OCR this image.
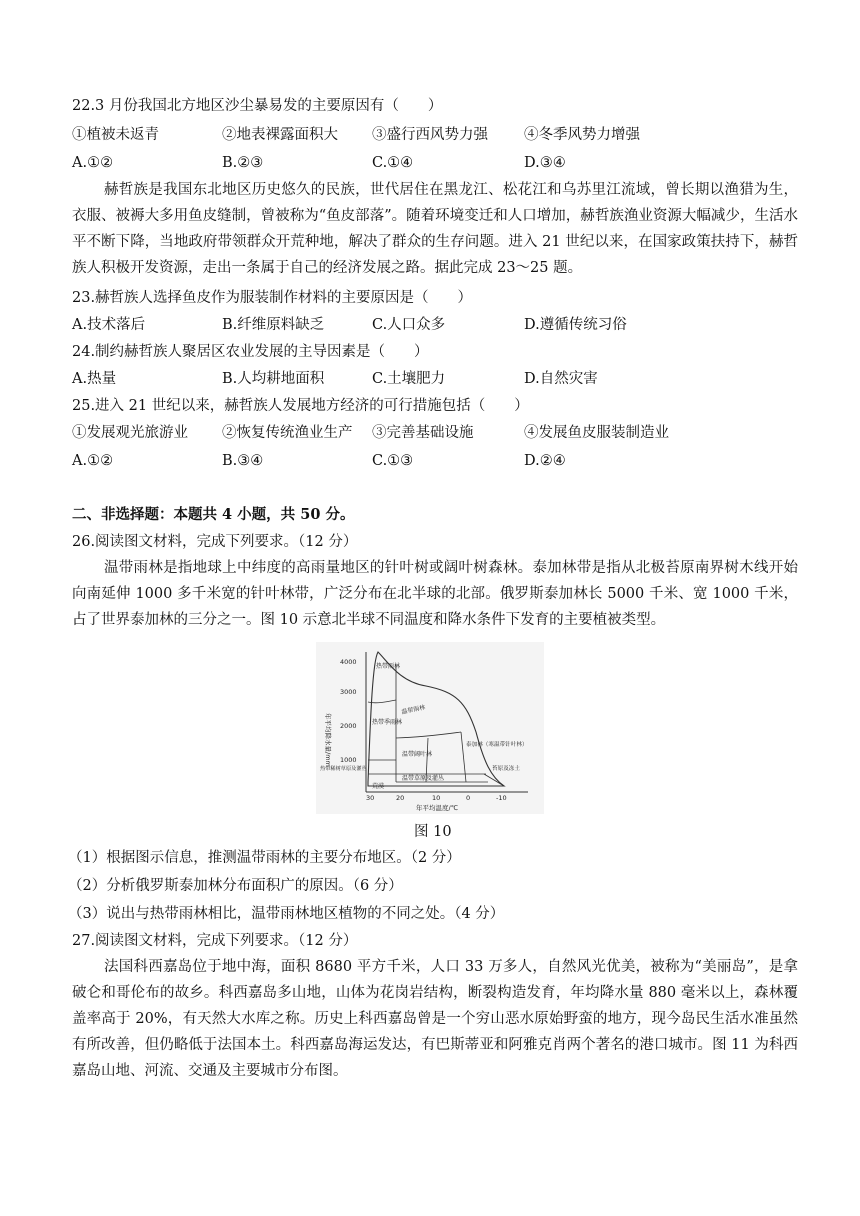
22.3 月份我国北方地区沙尘暴易发的主要原因有（　　）
①植被未返青	②地表裸露面积大 ③盛行西风势力强 ④冬季风势力增强
A.①②	B.②③	C.①④	D.③④
赫哲族是我国东北地区历史悠久的民族，世代居住在黑龙江、松花江和乌苏里江流域，曾长期以渔猎为生，衣服、被褥大多用鱼皮缝制，曾被称为“鱼皮部落”。随着环境变迁和人口增加，赫哲族渔业资源大幅减少，生活水平不断下降，当地政府带领群众开荒种地，解决了群众的生存问题。进入 21 世纪以来，在国家政策扶持下，赫哲族人积极开发资源，走出一条属于自己的经济发展之路。据此完成 23～25 题。
23.赫哲族人选择鱼皮作为服装制作材料的主要原因是（　　）
A.技术落后	B.纤维原料缺乏	C.人口众多	D.遵循传统习俗
24.制约赫哲族人聚居区农业发展的主导因素是（　　）
A.热量	B.人均耕地面积	C.土壤肥力	D.自然灾害
25.进入 21 世纪以来，赫哲族人发展地方经济的可行措施包括（　　）
①发展观光旅游业 ②恢复传统渔业生产 ③完善基础设施	④发展鱼皮服装制造业
A.①②	B.③④	C.①③	D.②④
二、非选择题：本题共 4 小题，共 50 分。
26.阅读图文材料，完成下列要求。（12 分）
温带雨林是指地球上中纬度的高雨量地区的针叶树或阔叶树森林。泰加林带是指从北极苔原南界树木线开始向南延伸 1000 多千米宽的针叶林带，广泛分布在北半球的北部。俄罗斯泰加林长 5000 千米、宽 1000 千米，占了世界泰加林的三分之一。图 10 示意北半球不同温度和降水条件下发育的主要植被类型。
年平均降水量/mm
年平均温度/℃
4000
3000
2000
1000
30	20	10	0	-10
热带雨林
温带雨林
热带季雨林
温带阔叶林
泰加林（寒温带针叶林）
苔原及冻土
热带稀树草原及灌丛
温带草原及灌丛
荒漠
图 10
（1）根据图示信息，推测温带雨林的主要分布地区。（2 分）
（2）分析俄罗斯泰加林分布面积广的原因。（6 分）
（3）说出与热带雨林相比，温带雨林地区植物的不同之处。（4 分）
27.阅读图文材料，完成下列要求。（12 分）
法国科西嘉岛位于地中海，面积 8680 平方千米，人口 33 万多人，自然风光优美，被称为“美丽岛”，是拿破仑和哥伦布的故乡。科西嘉岛多山地，山体为花岗岩结构，断裂构造发育，年均降水量 880 毫米以上，森林覆盖率高于 20%，有天然大水库之称。历史上科西嘉岛曾是一个穷山恶水原始野蛮的地方，现今岛民生活水准虽然有所改善，但仍略低于法国本土。科西嘉岛海运发达，有巴斯蒂亚和阿雅克肖两个著名的港口城市。图 11 为科西嘉岛山地、河流、交通及主要城市分布图。
